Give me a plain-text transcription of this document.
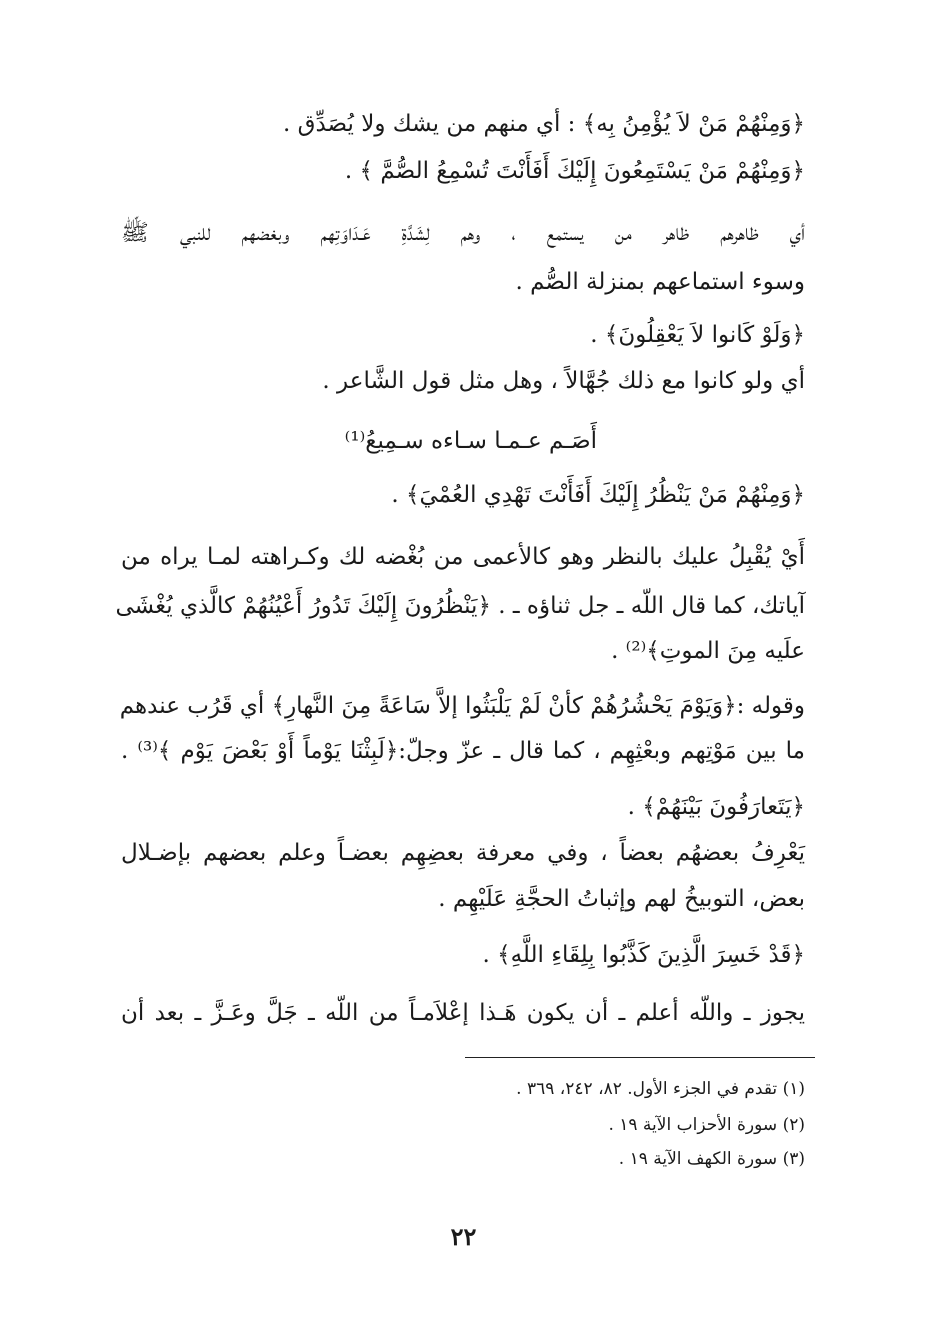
﴿وَمِنْهُمْ مَنْ لاَ يُؤْمِنُ بِه﴾ : أي منهم من يشك ولا يُصَدِّق .
﴿وَمِنْهُمْ مَنْ يَسْتَمِعُونَ إِلَيْكَ أَفَأَنْتَ تُسْمِعُ الصُّمَّ ﴾ .
أي ظاهرهم ظاهر من يستمع ، وهم لِشَدَّةِ عَـدَاوَتِهم وبغضهم للنبي ﷺ
وسوء استماعهم بمنزلة الصُّم .
﴿وَلَوْ كَانوا لاَ يَعْقِلُونَ﴾ .
أي ولو كانوا مع ذلك جُهَّالاً ، وهل مثل قول الشَّاعر .
أَصَـم عـمـا سـاءه سـمِيعُ⁽¹⁾
﴿وَمِنْهُمْ مَنْ يَنْظُرُ إِلَيْكَ أَفَأَنْتَ تَهْدِي العُمْيَ﴾ .
أَيْ يُقْبِلُ عليك بالنظر وهو كالأعمى من بُغْضه لك وكـراهته لمـا يراه من
آياتك، كما قال اللّه ـ جل ثناؤه ـ . ﴿يَنْظُرُونَ إِلَيْكَ تَدُورُ أَعْيُنُهُمْ كالَّذي يُغْشَى
علَيه مِنَ الموتِ﴾⁽²⁾ .
وقوله :﴿وَيَوْمَ يَحْشُرُهُمْ كأنْ لَمْ يَلْبَثُوا إلاَّ سَاعَةً مِنَ النَّهارِ﴾ أي قَرُب عندهم
ما بين مَوْتِهم وبعْثِهِم ، كما قال ـ عزّ وجلّ:﴿لَبِثْنَا يَوْماً أَوْ بَعْضَ يَوْم ﴾⁽³⁾ .
﴿يَتَعارَفُونَ بَيْنَهُمْ﴾ .
يَعْرِفُ بعضهُم بعضاً ، وفي معرفة بعضِهِم بعضـاً وعلم بعضهم بإضـلال
بعض، التوبيخُ لهم وإثباتُ الحجَّةِ عَلَيْهِم .
﴿قَدْ خَسِرَ الَّذِينَ كَذَّبُوا بِلِقَاءِ اللَّهِ﴾ .
يجوز ـ واللّه أعلم ـ أن يكون هَـذا إعْلاَمـاً من اللّه ـ جَلَّ وعَـزَّ ـ بعد أن
(١) تقدم في الجزء الأول. ٨٢، ٢٤٢، ٣٦٩ .
(٢) سورة الأحزاب الآية ١٩ .
(٣) سورة الكهف الآية ١٩ .
٢٢
